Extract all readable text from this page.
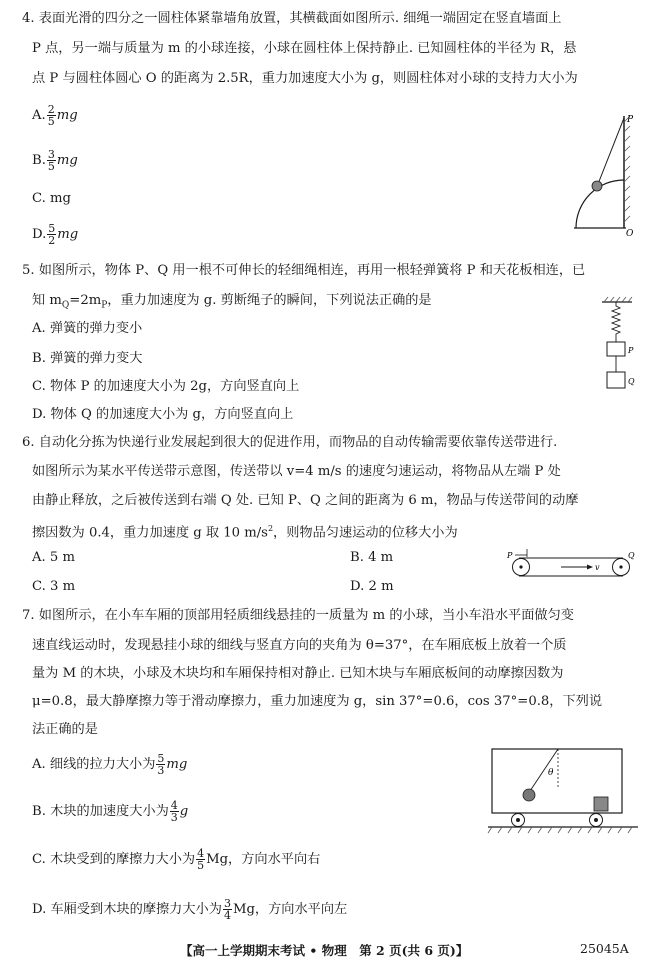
4. 表面光滑的四分之一圆柱体紧靠墙角放置，其横截面如图所示. 细绳一端固定在竖直墙面上
P 点，另一端与质量为 m 的小球连接，小球在圆柱体上保持静止. 已知圆柱体的半径为 R，悬
点 P 与圆柱体圆心 O 的距离为 2.5R，重力加速度大小为 g，则圆柱体对小球的支持力大小为
A. $\frac{2}{5}$ mg
B. $\frac{3}{5}$ mg
C. mg
D. $\frac{5}{2}$ mg
P
O
5. 如图所示，物体 P、Q 用一根不可伸长的轻细绳相连，再用一根轻弹簧将 P 和天花板相连，已
知 $m_Q=2m_P$，重力加速度为 g. 剪断绳子的瞬间，下列说法正确的是
A. 弹簧的弹力变小
B. 弹簧的弹力变大
C. 物体 P 的加速度大小为 2g，方向竖直向上
D. 物体 Q 的加速度大小为 g，方向竖直向上
P
Q
6. 自动化分拣为快递行业发展起到很大的促进作用，而物品的自动传输需要依靠传送带进行.
如图所示为某水平传送带示意图，传送带以 v=4 m/s 的速度匀速运动，将物品从左端 P 处
由静止释放，之后被传送到右端 Q 处. 已知 P、Q 之间的距离为 6 m，物品与传送带间的动摩
擦因数为 0.4，重力加速度 g 取 10 $m/s^2$，则物品匀速运动的位移大小为
A. 5 m	B. 4 m
C. 3 m	D. 2 m
P	Q
v
7. 如图所示，在小车车厢的顶部用轻质细线悬挂的一质量为 m 的小球，当小车沿水平面做匀变
速直线运动时，发现悬挂小球的细线与竖直方向的夹角为 θ=37°，在车厢底板上放着一个质
量为 M 的木块，小球及木块均和车厢保持相对静止. 已知木块与车厢底板间的动摩擦因数为
μ=0.8，最大静摩擦力等于滑动摩擦力，重力加速度为 g，sin 37°=0.6，cos 37°=0.8，下列说
法正确的是
A. 细线的拉力大小为 $\frac{5}{3}$ mg
B. 木块的加速度大小为 $\frac{4}{3}$ g
C. 木块受到的摩擦力大小为 $\frac{4}{5}$ Mg，方向水平向右
D. 车厢受到木块的摩擦力大小为 $\frac{3}{4}$ Mg，方向水平向左
θ
【高一上学期期末考试 • 物理　第 2 页(共 6 页)】	25045A
